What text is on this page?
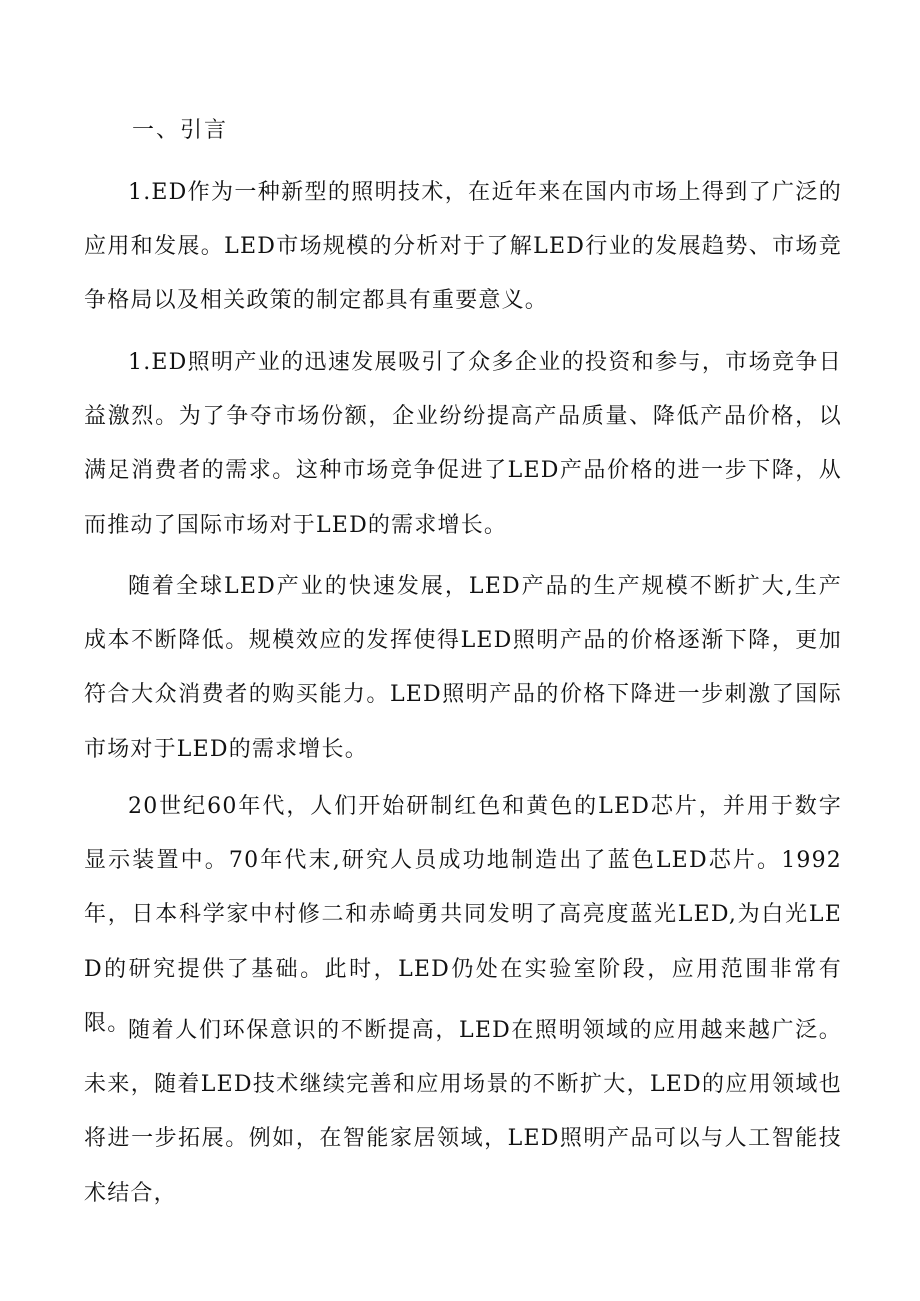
一、引言

1.ED作为一种新型的照明技术，在近年来在国内市场上得到了广泛的应用和发展。LED市场规模的分析对于了解LED行业的发展趋势、市场竞争格局以及相关政策的制定都具有重要意义。

1.ED照明产业的迅速发展吸引了众多企业的投资和参与，市场竞争日益激烈。为了争夺市场份额，企业纷纷提高产品质量、降低产品价格，以满足消费者的需求。这种市场竞争促进了LED产品价格的进一步下降，从而推动了国际市场对于LED的需求增长。

随着全球LED产业的快速发展，LED产品的生产规模不断扩大,生产成本不断降低。规模效应的发挥使得LED照明产品的价格逐渐下降，更加符合大众消费者的购买能力。LED照明产品的价格下降进一步刺激了国际市场对于LED的需求增长。

20世纪60年代，人们开始研制红色和黄色的LED芯片，并用于数字显示装置中。70年代末,研究人员成功地制造出了蓝色LED芯片。1992年，日本科学家中村修二和赤崎勇共同发明了高亮度蓝光LED,为白光LED的研究提供了基础。此时，LED仍处在实验室阶段，应用范围非常有限。

随着人们环保意识的不断提高，LED在照明领域的应用越来越广泛。未来，随着LED技术继续完善和应用场景的不断扩大，LED的应用领域也将进一步拓展。例如，在智能家居领域，LED照明产品可以与人工智能技术结合，
